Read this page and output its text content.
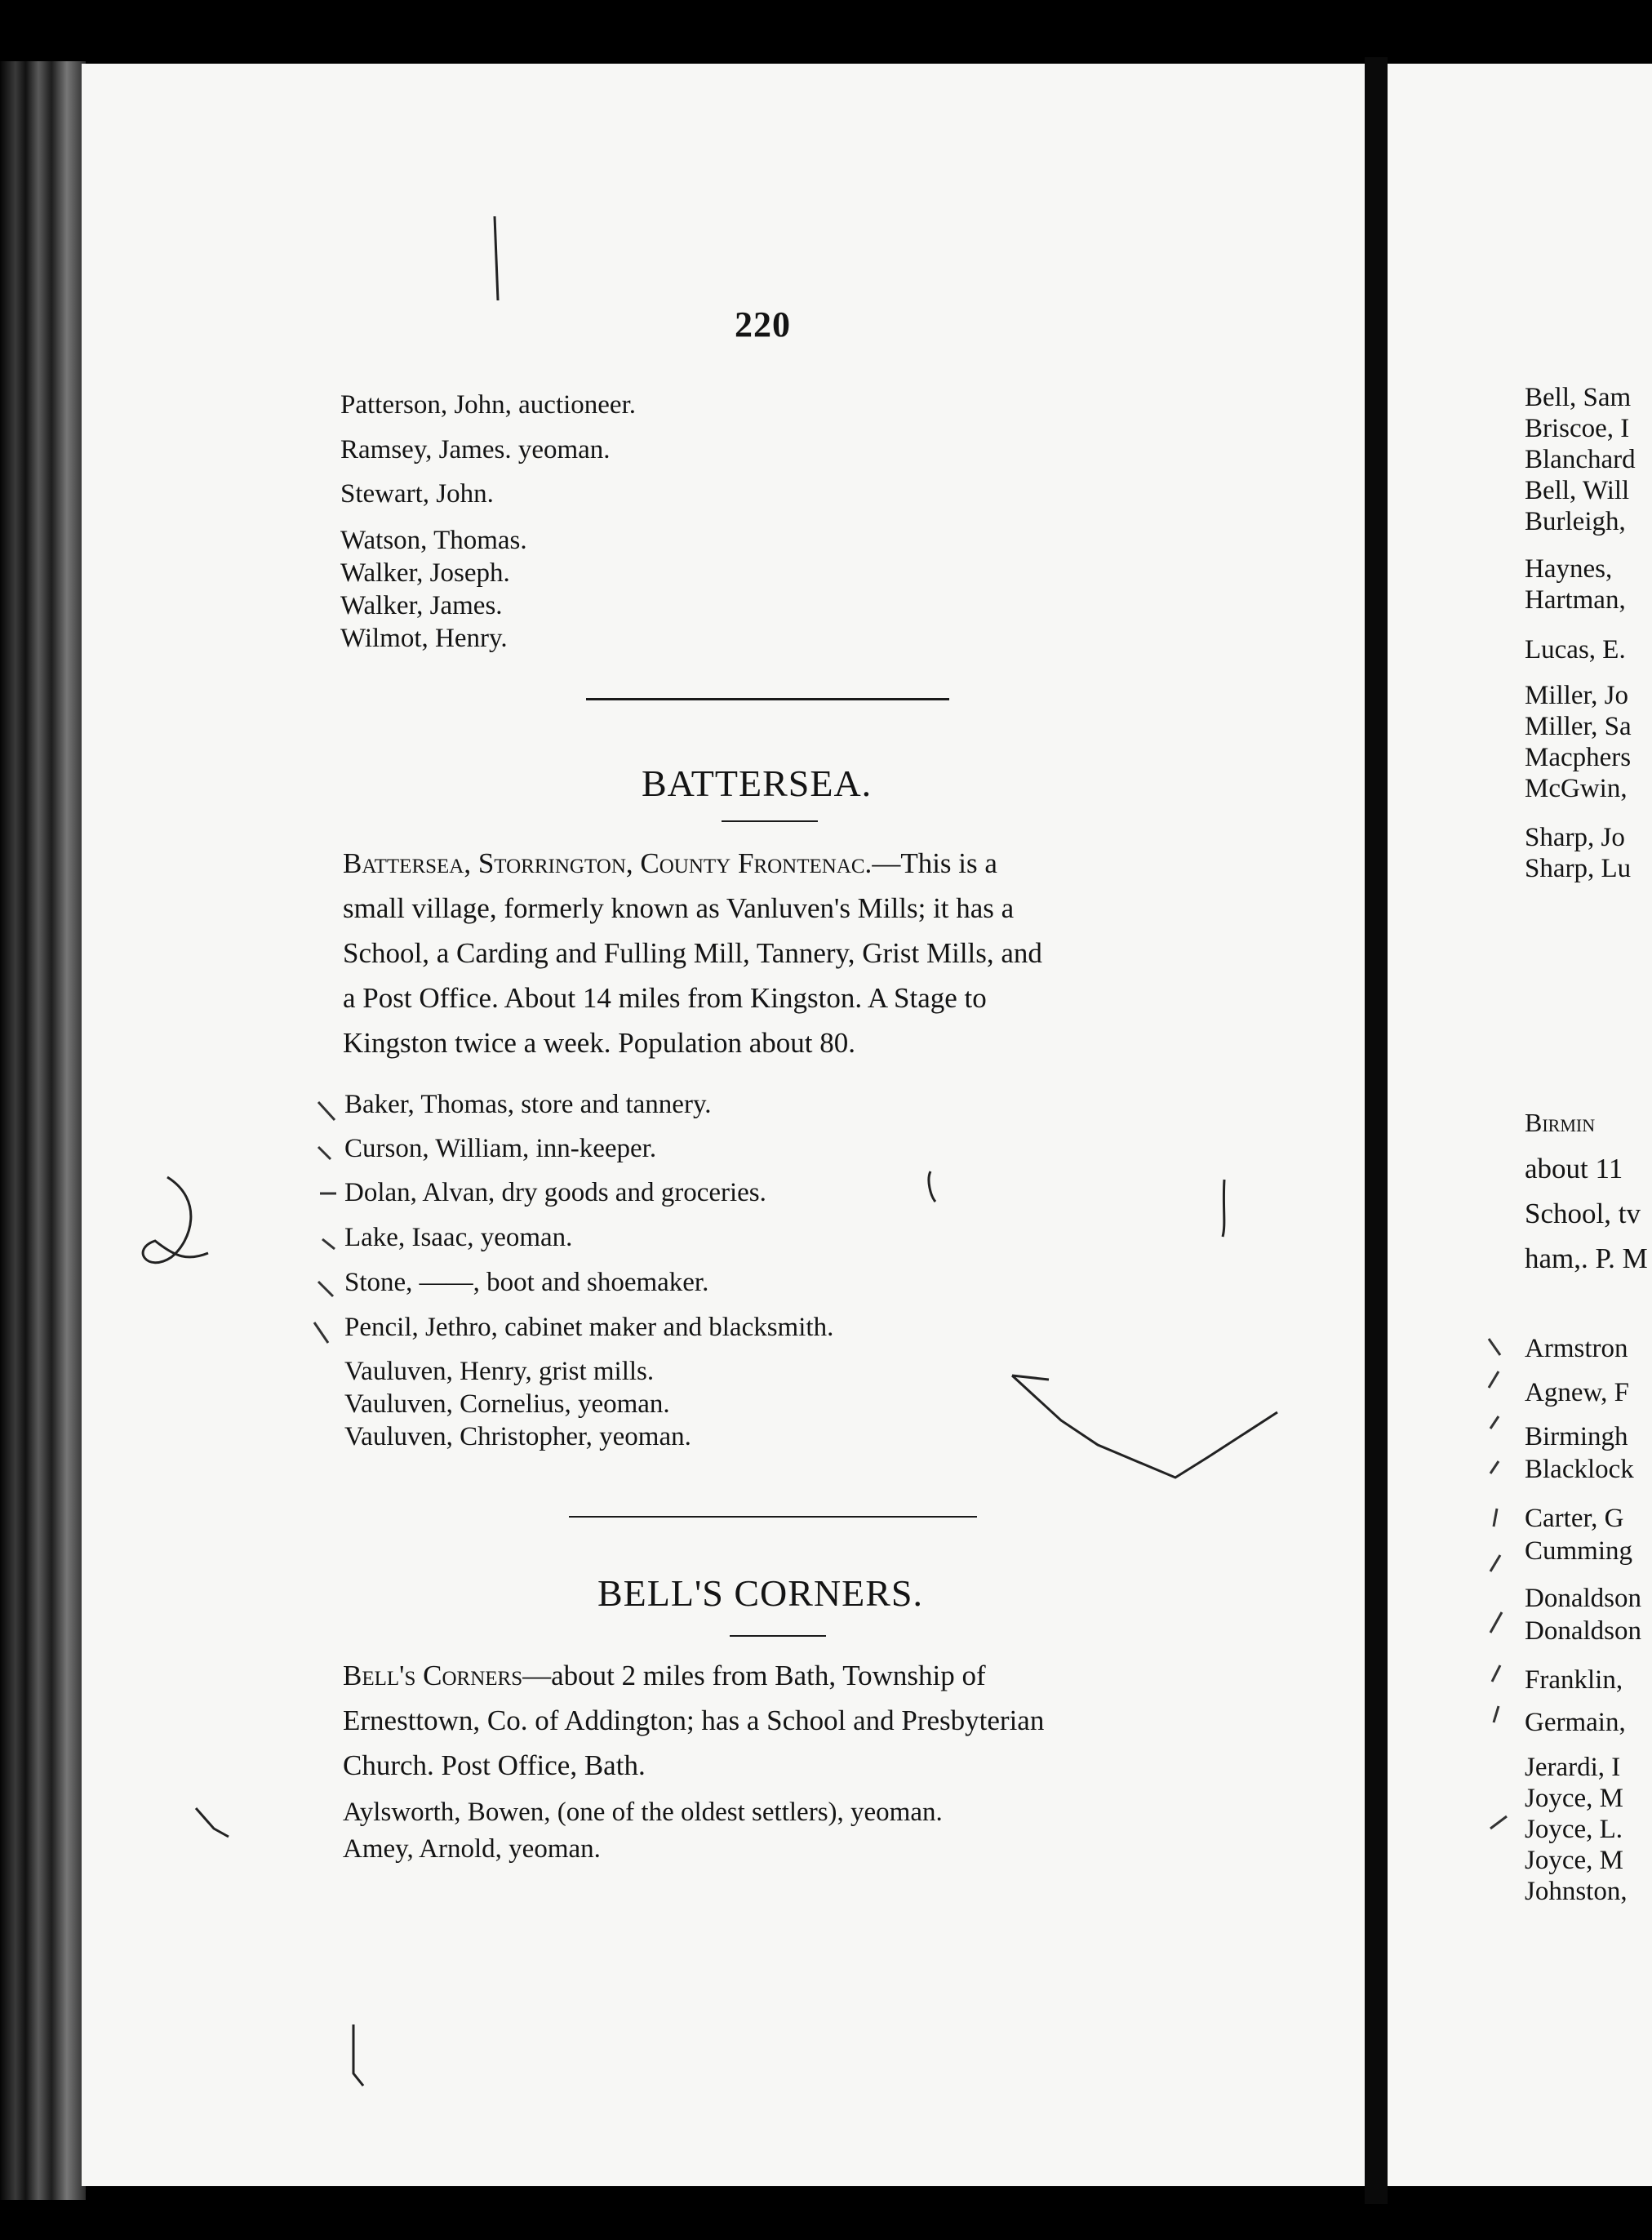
220
Patterson, John, auctioneer.
Ramsey, James. yeoman.
Stewart, John.
Watson, Thomas.
Walker, Joseph.
Walker, James.
Wilmot, Henry.
BATTERSEA.
Battersea, Storrington, County Frontenac.—This is a
small village, formerly known as Vanluven's Mills; it has a
School, a Carding and Fulling Mill, Tannery, Grist Mills, and
a Post Office. About 14 miles from Kingston. A Stage to
Kingston twice a week. Population about 80.
Baker, Thomas, store and tannery.
Curson, William, inn-keeper.
Dolan, Alvan, dry goods and groceries.
Lake, Isaac, yeoman.
Stone, ——, boot and shoemaker.
Pencil, Jethro, cabinet maker and blacksmith.
Vauluven, Henry, grist mills.
Vauluven, Cornelius, yeoman.
Vauluven, Christopher, yeoman.
BELL'S CORNERS.
Bell's Corners—about 2 miles from Bath, Township of
Ernesttown, Co. of Addington; has a School and Presbyterian
Church. Post Office, Bath.
Aylsworth, Bowen, (one of the oldest settlers), yeoman.
Amey, Arnold, yeoman.
Bell, Sam
Briscoe, I
Blanchard
Bell, Will
Burleigh,
Haynes,
Hartman,
Lucas, E.
Miller, Jo
Miller, Sa
Macphers
McGwin,
Sharp, Jo
Sharp, Lu
Birmin
about 11
School, tv
ham,. P. M
Armstron
Agnew, F
Birmingh
Blacklock
Carter, G
Cumming
Donaldson
Donaldson
Franklin,
Germain,
Jerardi, I
Joyce, M
Joyce, L.
Joyce, M
Johnston,
